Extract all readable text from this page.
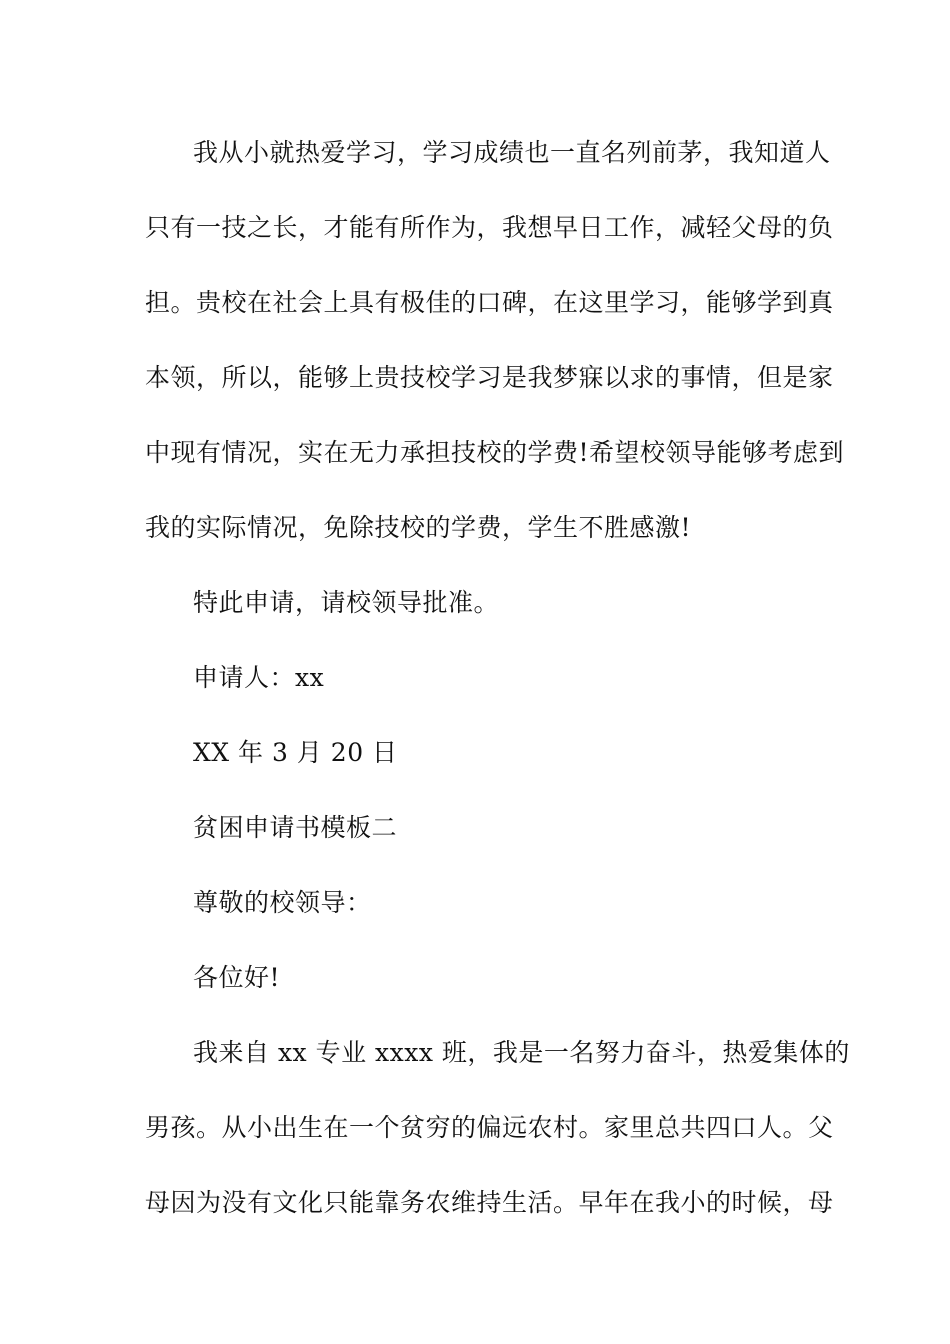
我从小就热爱学习，学习成绩也一直名列前茅，我知道人
只有一技之长，才能有所作为，我想早日工作，减轻父母的负
担。贵校在社会上具有极佳的口碑，在这里学习，能够学到真
本领，所以，能够上贵技校学习是我梦寐以求的事情，但是家
中现有情况，实在无力承担技校的学费!希望校领导能够考虑到
我的实际情况，免除技校的学费，学生不胜感激!
特此申请，请校领导批准。
申请人：xx
XX 年 3 月 20 日
贫困申请书模板二
尊敬的校领导：
各位好!
我来自 xx 专业 xxxx 班，我是一名努力奋斗，热爱集体的
男孩。从小出生在一个贫穷的偏远农村。家里总共四口人。父
母因为没有文化只能靠务农维持生活。早年在我小的时候，母
